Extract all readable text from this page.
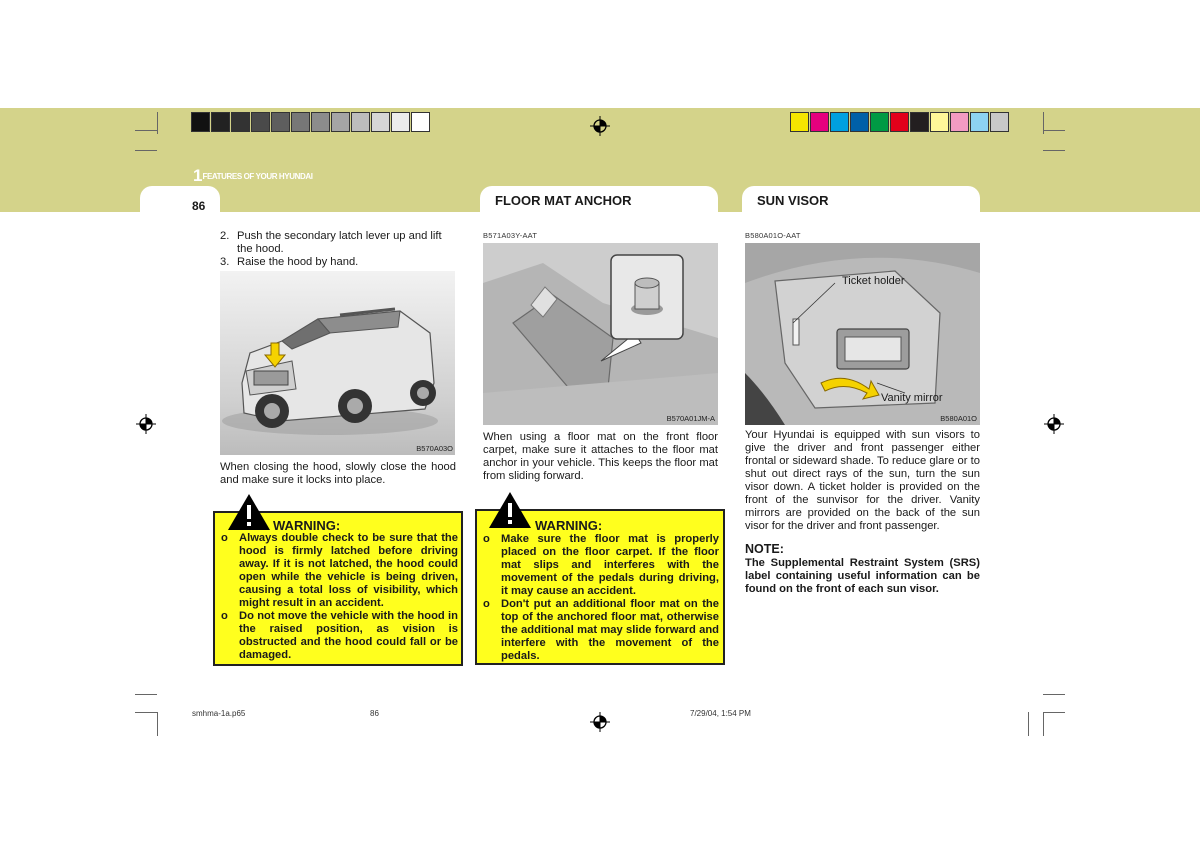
1FEATURES OF YOUR HYUNDAI
86	FLOOR MAT ANCHOR	SUN VISOR
2. Push the secondary latch lever up and lift the hood.
3. Raise the hood by hand.
B570A03O
When closing the hood, slowly close the hood and make sure it locks into place.
WARNING:
o Always double check to be sure that the hood is firmly latched before driving away. If it is not latched, the hood could open while the vehicle is being driven, causing a total loss of visibility, which might result in an accident.
o Do not move the vehicle with the hood in the raised position, as vision is obstructed and the hood could fall or be damaged.
B571A03Y-AAT
B570A01JM-A
When using a floor mat on the front floor carpet, make sure it attaches to the floor mat anchor in your vehicle. This keeps the floor mat from sliding forward.
WARNING:
o Make sure the floor mat is properly placed on the floor carpet. If the floor mat slips and interferes with the movement of the pedals during driving, it may cause an accident.
o Don't put an additional floor mat on the top of the anchored floor mat, otherwise the additional mat may slide forward and interfere with the movement of the pedals.
B580A01O-AAT
Ticket holder
Vanity mirror
B580A01O
Your Hyundai is equipped with sun visors to give the driver and front passenger either frontal or sideward shade. To reduce glare or to shut out direct rays of the sun, turn the sun visor down. A ticket holder is provided on the front of the sunvisor for the driver. Vanity mirrors are provided on the back of the sun visor for the driver and front passenger.
NOTE:
The Supplemental Restraint System (SRS) label containing useful information can be found on the front of each sun visor.
smhma-1a.p65	86	7/29/04, 1:54 PM
